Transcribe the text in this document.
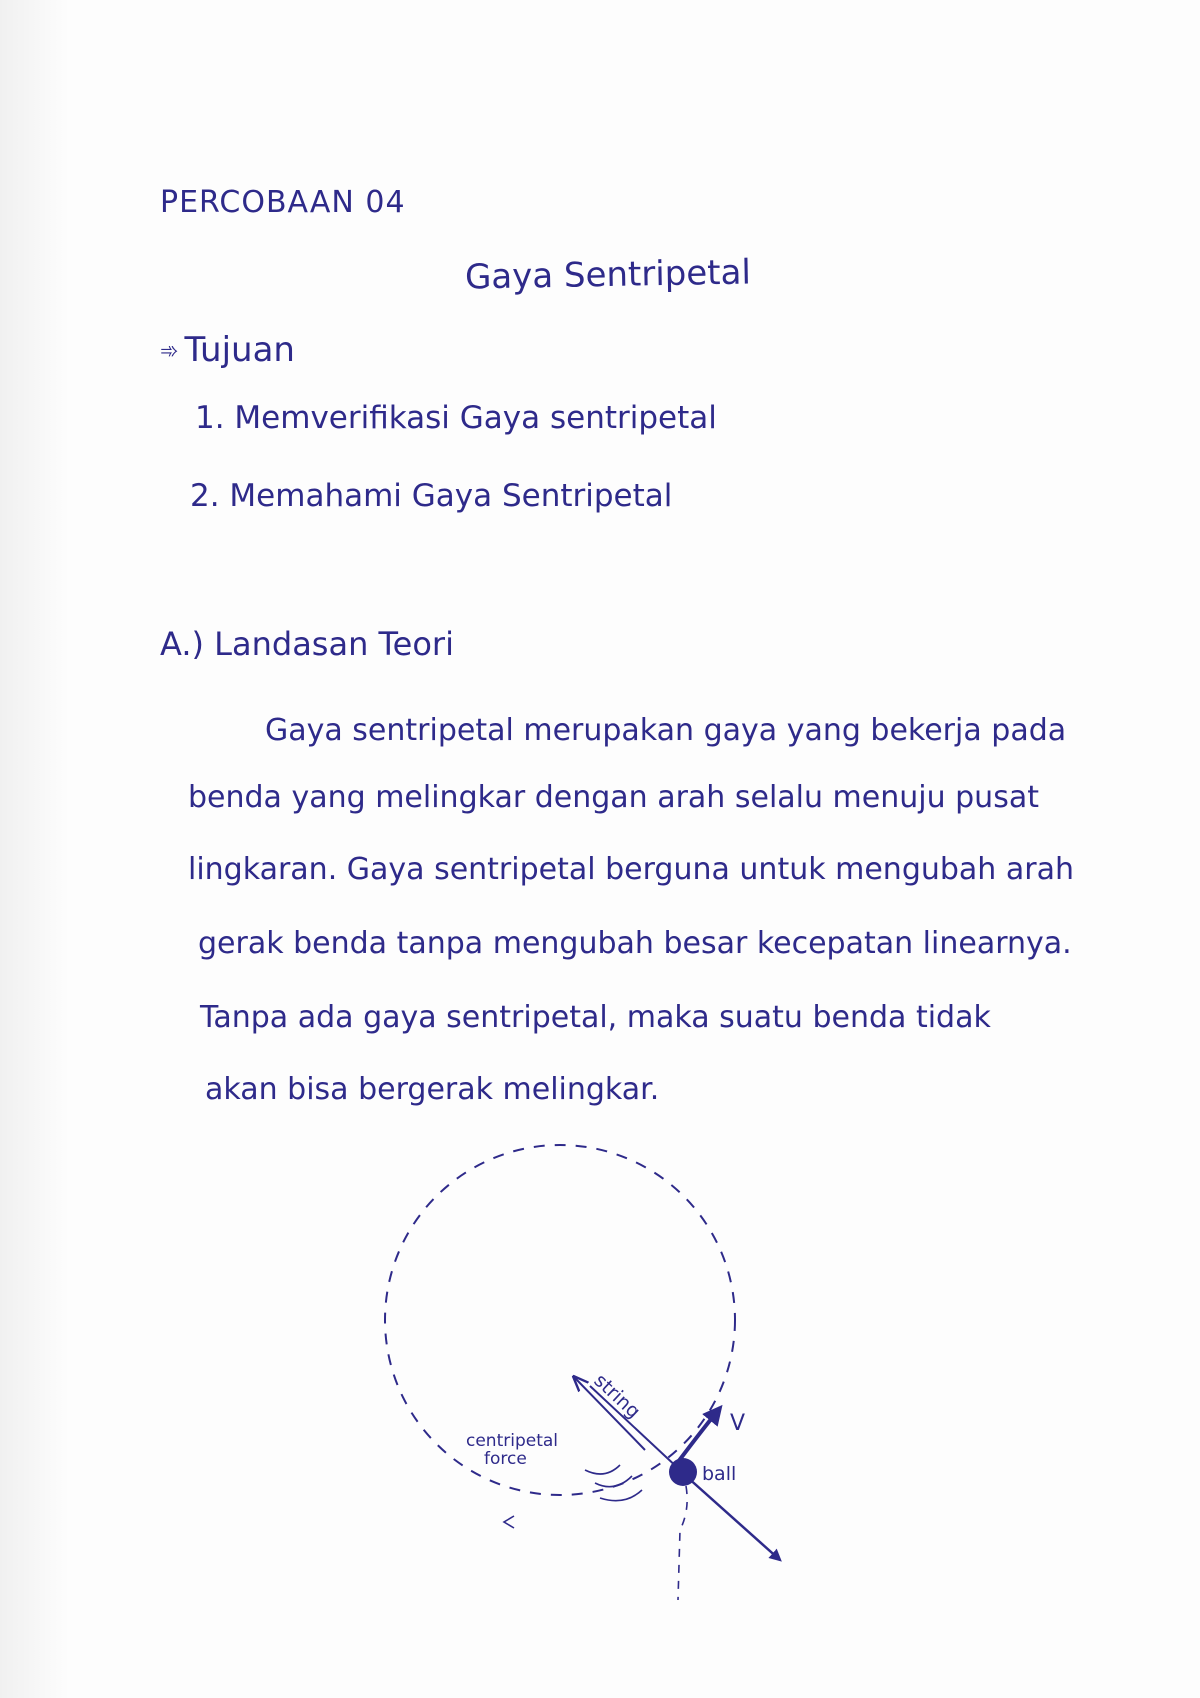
PERCOBAAN 04
Gaya Sentripetal
➾ Tujuan
1. Memverifikasi Gaya sentripetal
2. Memahami Gaya Sentripetal
A.) Landasan Teori
Gaya sentripetal merupakan gaya yang bekerja pada
benda yang melingkar dengan arah selalu menuju pusat
lingkaran. Gaya sentripetal berguna untuk mengubah arah
gerak benda tanpa mengubah besar kecepatan linearnya.
Tanpa ada gaya sentripetal, maka suatu benda tidak
akan bisa bergerak melingkar.
string
V
centripetal
force
ball
